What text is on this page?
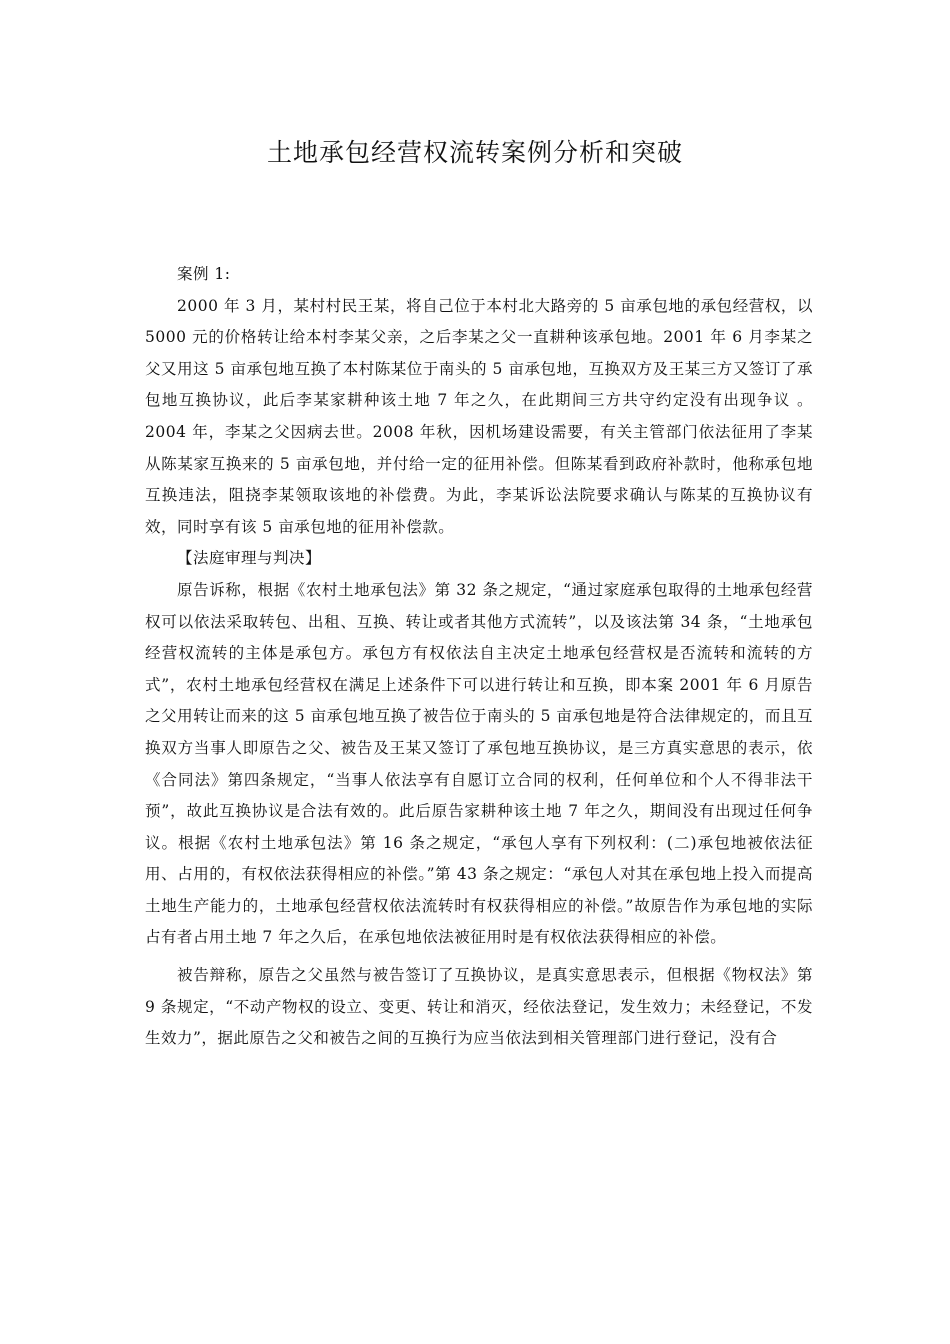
土地承包经营权流转案例分析和突破

案例 1:

2000 年 3 月，某村村民王某，将自己位于本村北大路旁的 5 亩承包地的承包经营权，以 5000 元的价格转让给本村李某父亲，之后李某之父一直耕种该承包地。2001 年 6 月李某之父又用这 5 亩承包地互换了本村陈某位于南头的 5 亩承包地，互换双方及王某三方又签订了承包地互换协议，此后李某家耕种该土地 7 年之久，在此期间三方共守约定没有出现争议 。2004 年，李某之父因病去世。2008 年秋，因机场建设需要，有关主管部门依法征用了李某从陈某家互换来的 5 亩承包地，并付给一定的征用补偿。但陈某看到政府补款时，他称承包地互换违法，阻挠李某领取该地的补偿费。为此，李某诉讼法院要求确认与陈某的互换协议有效，同时享有该 5 亩承包地的征用补偿款。

【法庭审理与判决】

原告诉称，根据《农村土地承包法》第 32 条之规定，“通过家庭承包取得的土地承包经营权可以依法采取转包、出租、互换、转让或者其他方式流转”，以及该法第 34 条，“土地承包经营权流转的主体是承包方。承包方有权依法自主决定土地承包经营权是否流转和流转的方式”，农村土地承包经营权在满足上述条件下可以进行转让和互换，即本案 2001 年 6 月原告之父用转让而来的这 5 亩承包地互换了被告位于南头的 5 亩承包地是符合法律规定的，而且互换双方当事人即原告之父、被告及王某又签订了承包地互换协议，是三方真实意思的表示，依《合同法》第四条规定，“当事人依法享有自愿订立合同的权利，任何单位和个人不得非法干预”，故此互换协议是合法有效的。此后原告家耕种该土地 7 年之久，期间没有出现过任何争议。根据《农村土地承包法》第 16 条之规定，“承包人享有下列权利：(二)承包地被依法征用、占用的，有权依法获得相应的补偿。”第 43 条之规定：“承包人对其在承包地上投入而提高土地生产能力的，土地承包经营权依法流转时有权获得相应的补偿。”故原告作为承包地的实际占有者占用土地 7 年之久后，在承包地依法被征用时是有权依法获得相应的补偿。

被告辩称，原告之父虽然与被告签订了互换协议，是真实意思表示，但根据《物权法》第 9 条规定，“不动产物权的设立、变更、转让和消灭，经依法登记，发生效力；未经登记，不发生效力”，据此原告之父和被告之间的互换行为应当依法到相关管理部门进行登记，没有合
